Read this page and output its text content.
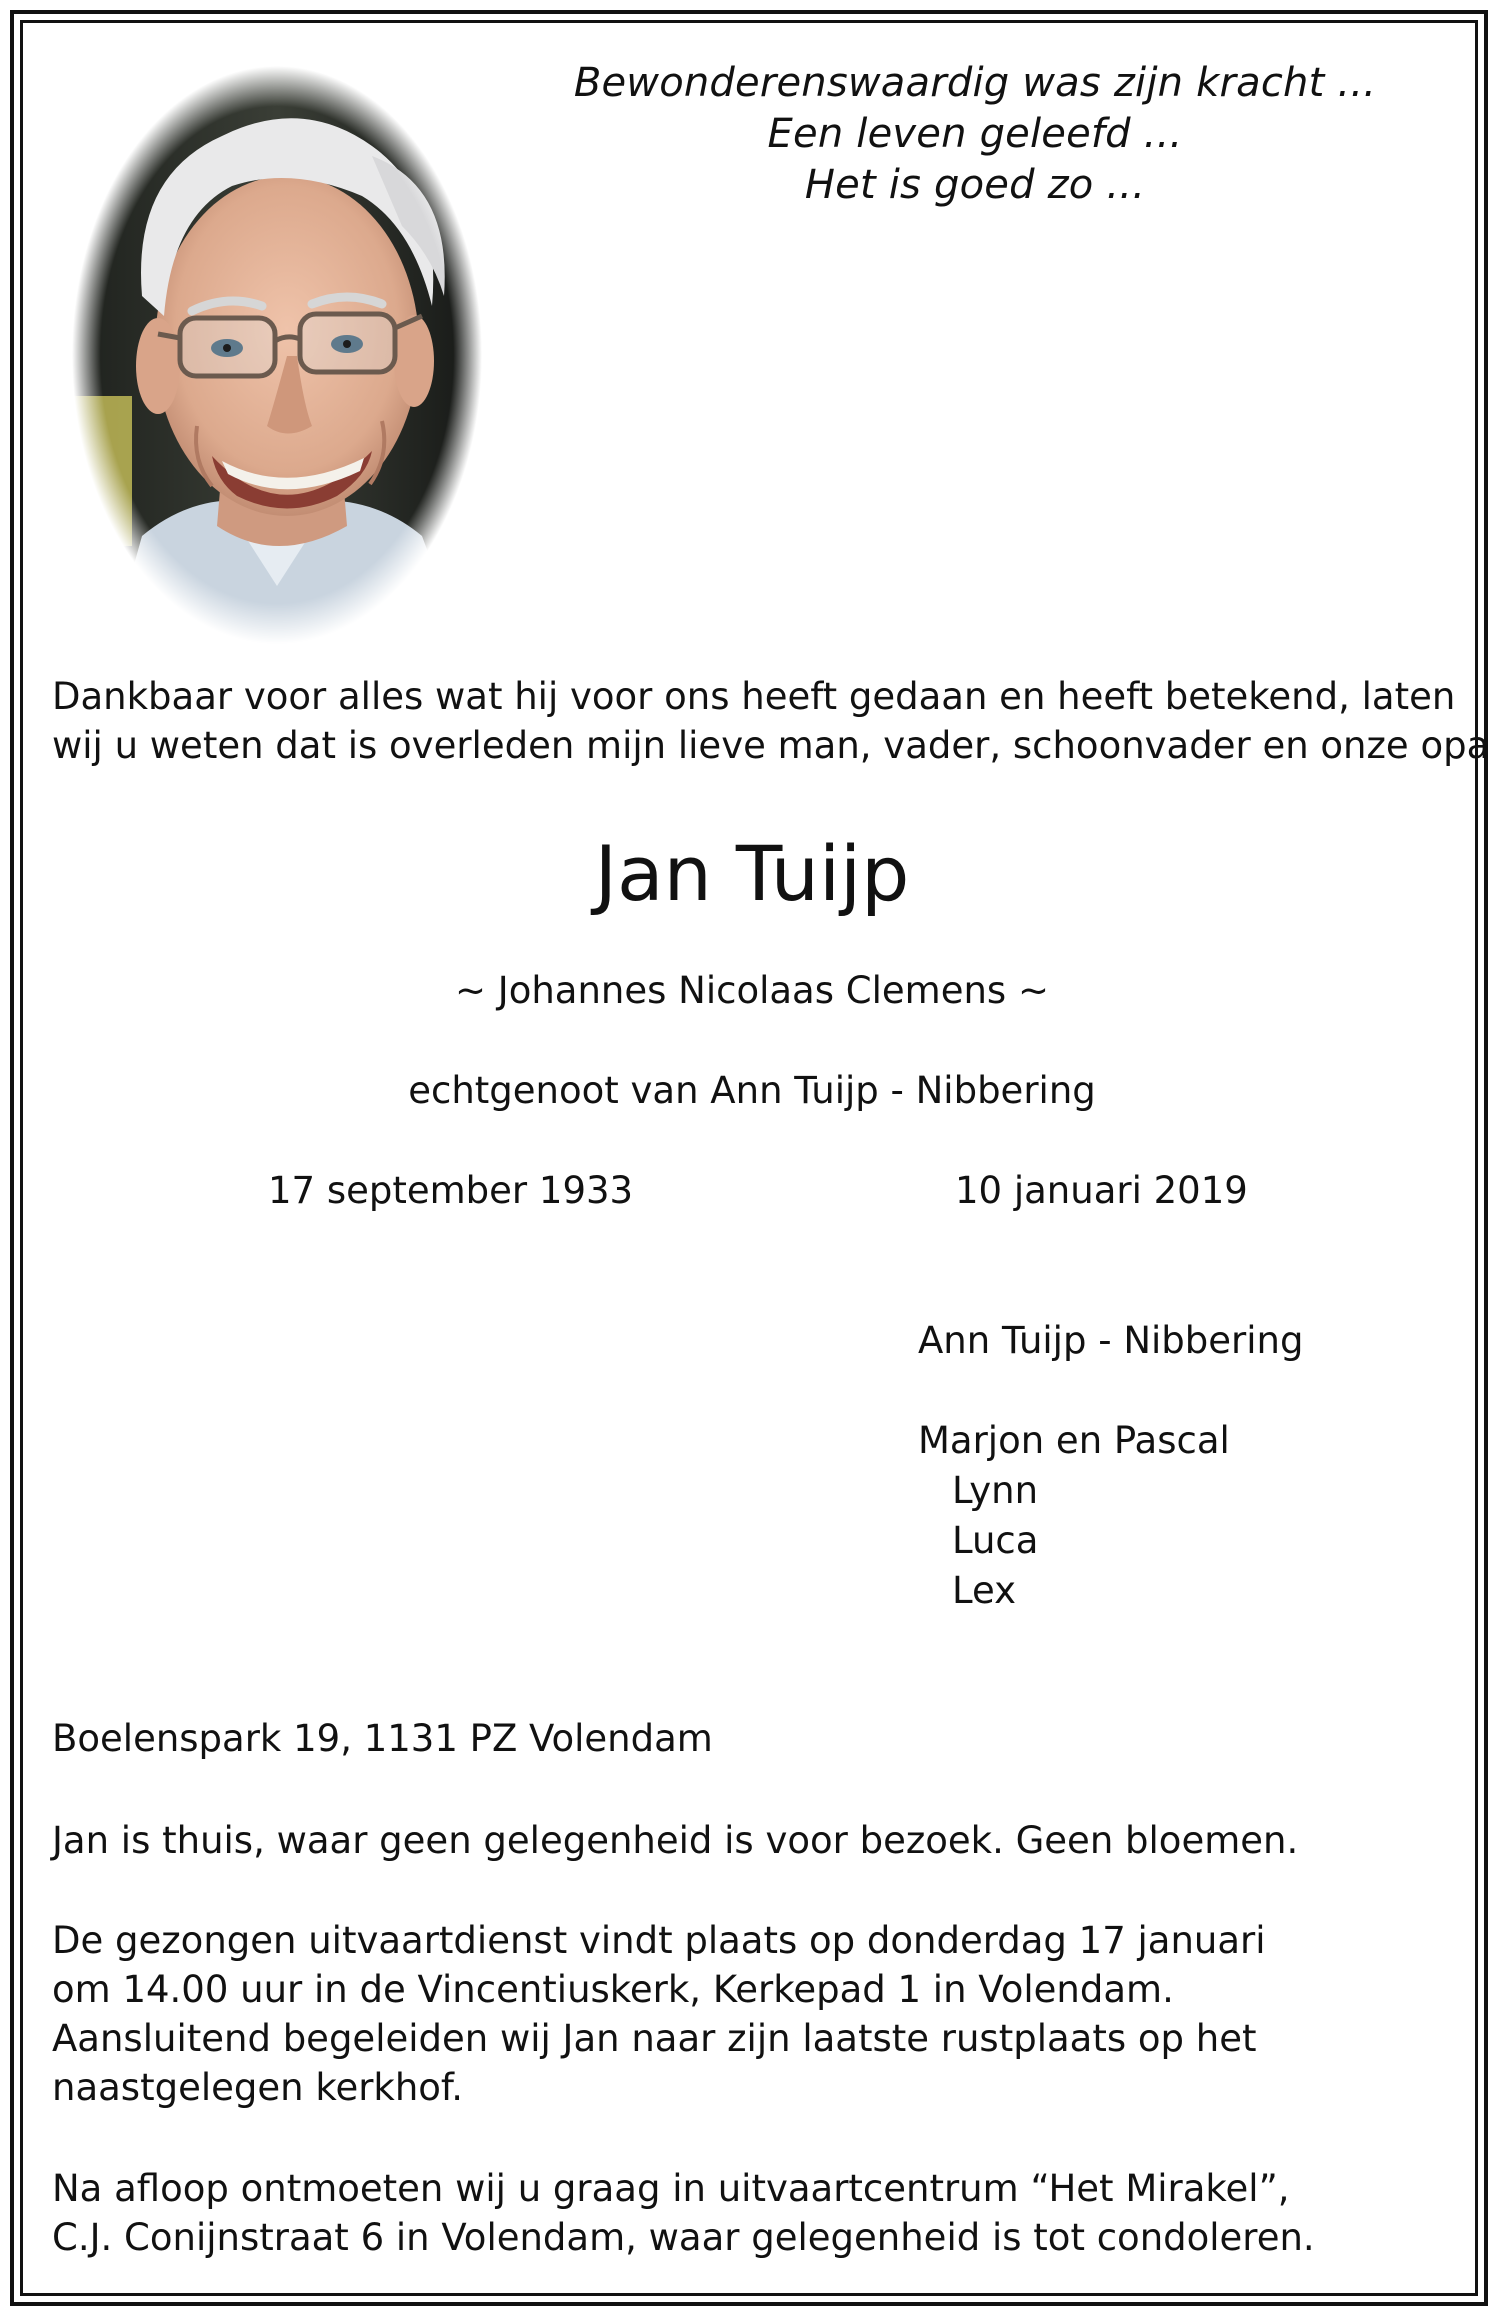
Bewonderenswaardig was zijn kracht ...
Een leven geleefd ...
Het is goed zo ...
Dankbaar voor alles wat hij voor ons heeft gedaan en heeft betekend, laten
wij u weten dat is overleden mijn lieve man, vader, schoonvader en onze opa
Jan Tuijp
~ Johannes Nicolaas Clemens ~
echtgenoot van Ann Tuijp - Nibbering
17 september 1933	10 januari 2019
Ann Tuijp - Nibbering
Marjon en Pascal
Lynn
Luca
Lex
Boelenspark 19, 1131 PZ Volendam
Jan is thuis, waar geen gelegenheid is voor bezoek. Geen bloemen.
De gezongen uitvaartdienst vindt plaats op donderdag 17 januari
om 14.00 uur in de Vincentiuskerk, Kerkepad 1 in Volendam.
Aansluitend begeleiden wij Jan naar zijn laatste rustplaats op het
naastgelegen kerkhof.
Na afloop ontmoeten wij u graag in uitvaartcentrum “Het Mirakel”,
C.J. Conijnstraat 6 in Volendam, waar gelegenheid is tot condoleren.
